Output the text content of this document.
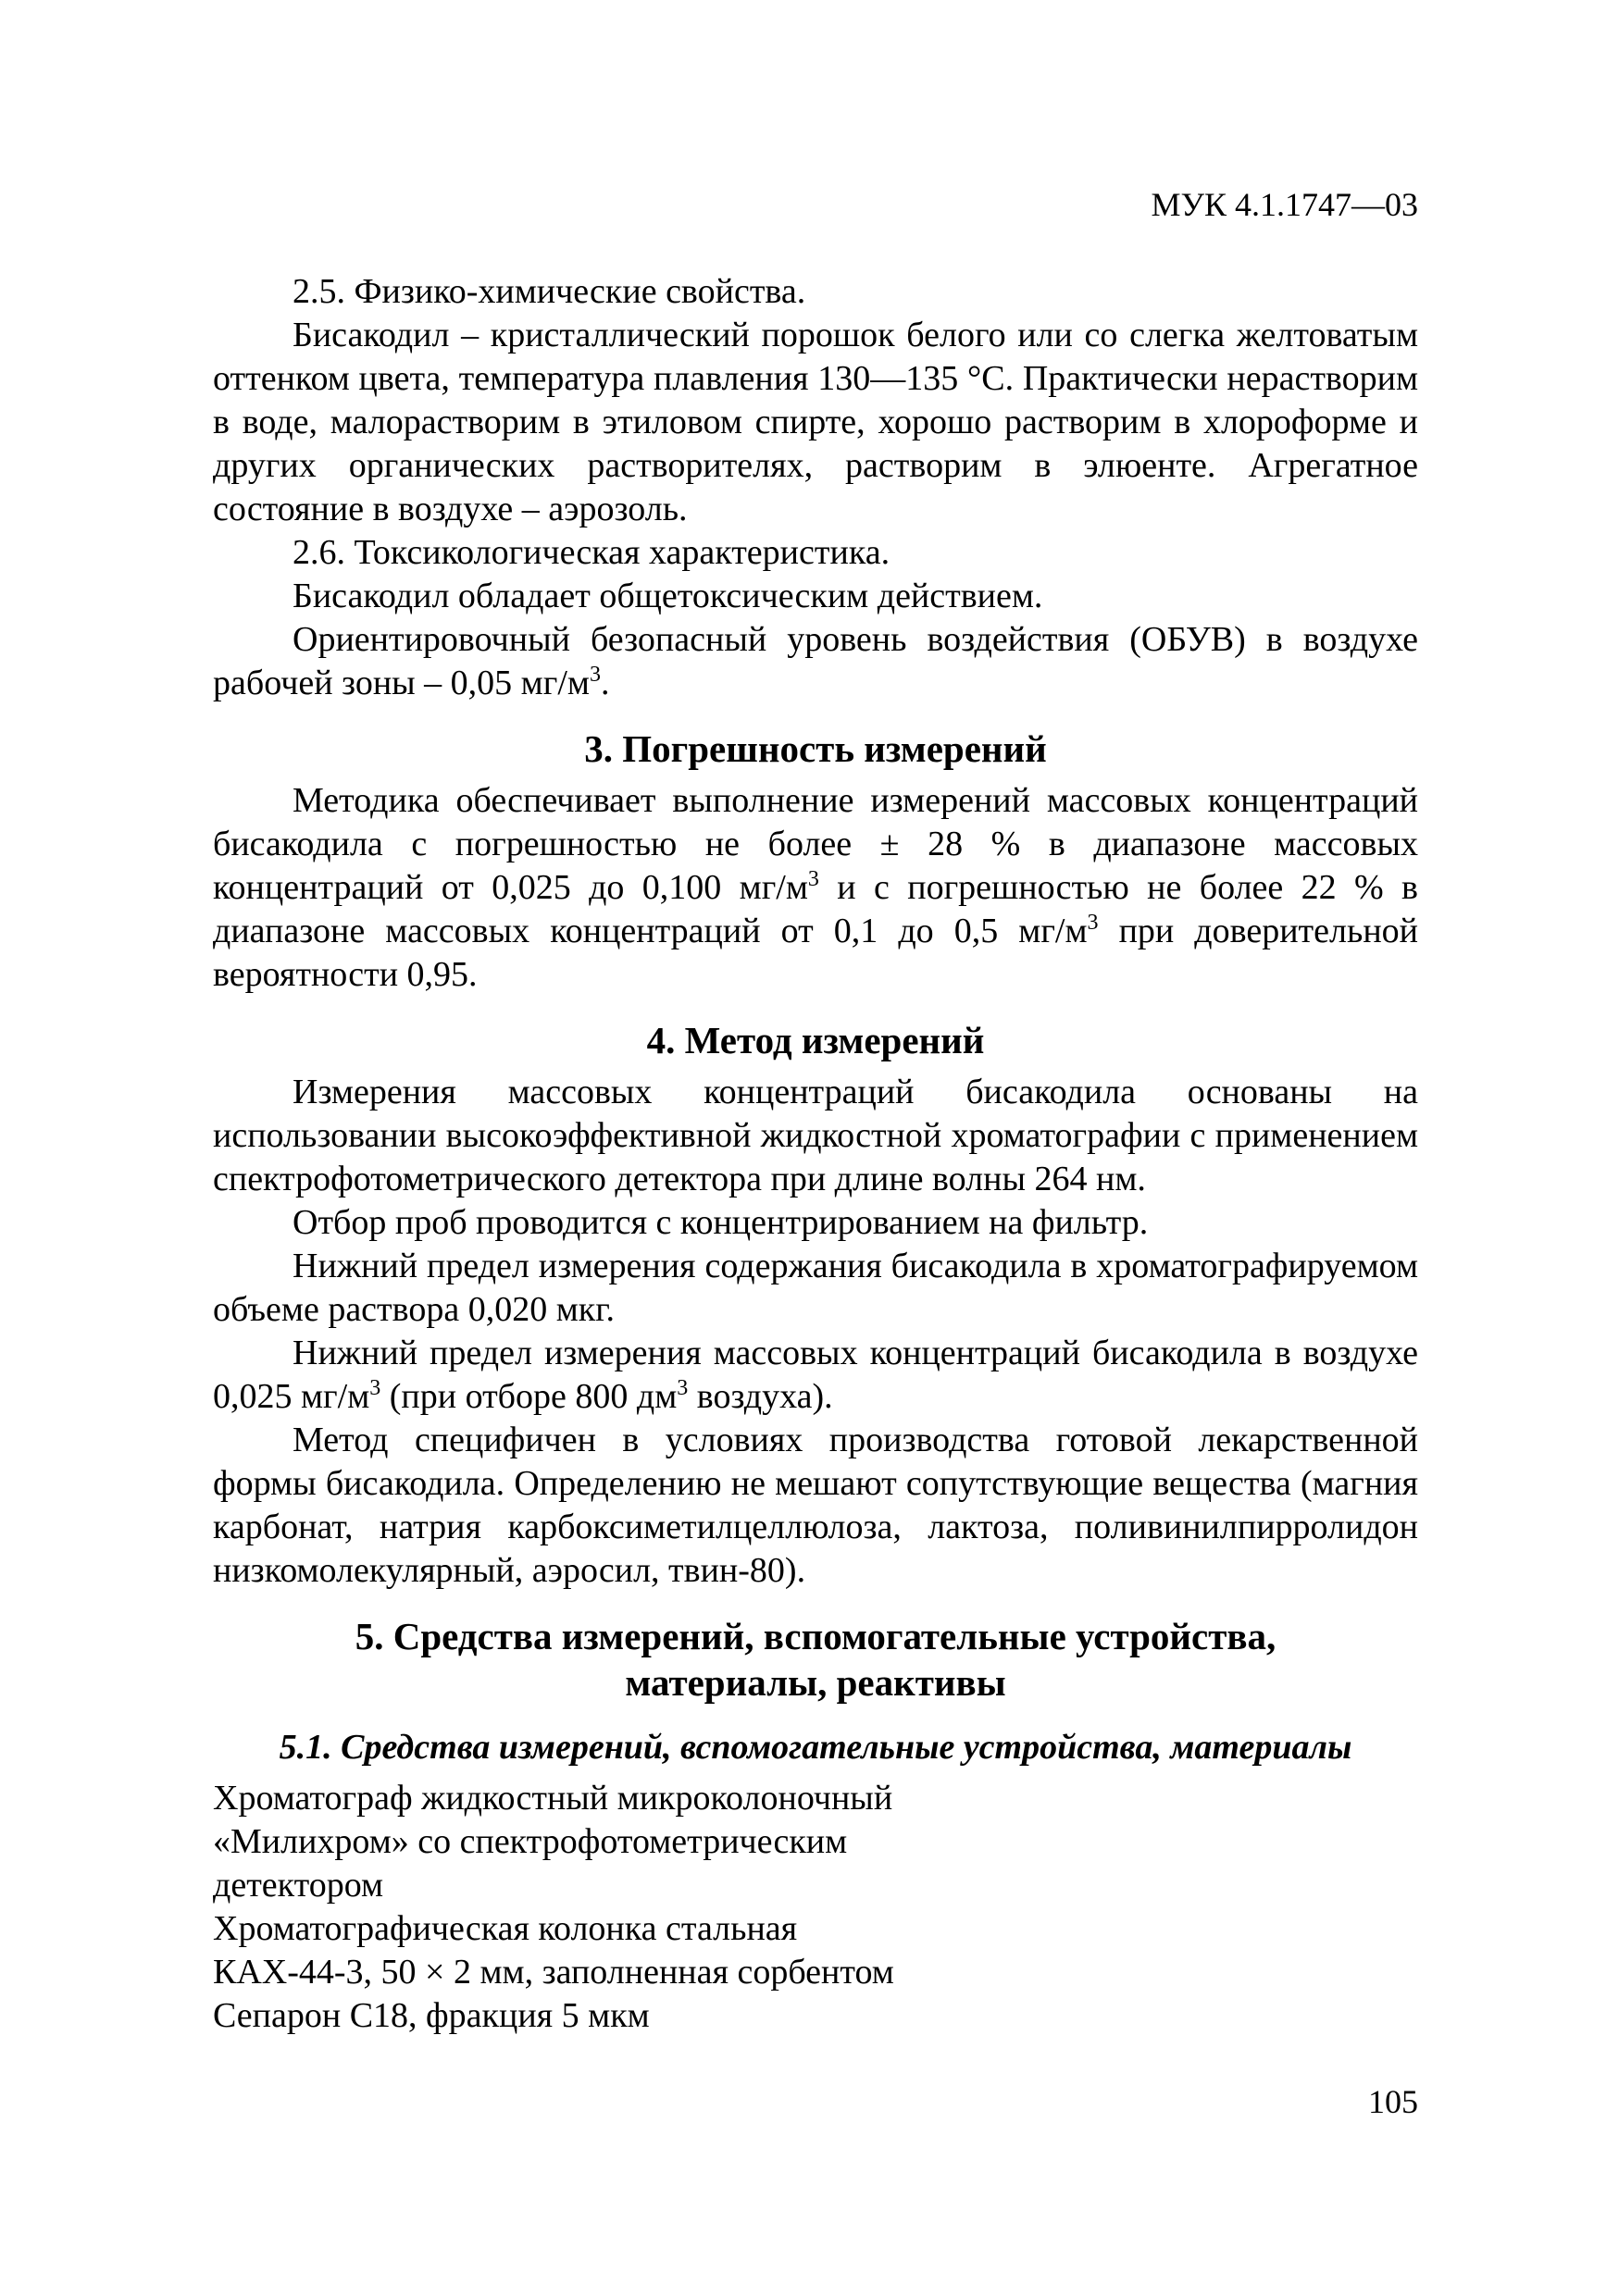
МУК 4.1.1747—03

2.5. Физико-химические свойства.

Бисакодил – кристаллический порошок белого или со слегка желтоватым оттенком цвета, температура плавления 130—135 °С. Практически нерастворим в воде, малорастворим в этиловом спирте, хорошо растворим в хлороформе и других органических растворителях, растворим в элюенте. Агрегатное состояние в воздухе – аэрозоль.

2.6. Токсикологическая характеристика.

Бисакодил обладает общетоксическим действием.

Ориентировочный безопасный уровень воздействия (ОБУВ) в воздухе рабочей зоны – 0,05 $мг/м^3$.

3. Погрешность измерений

Методика обеспечивает выполнение измерений массовых концентраций бисакодила с погрешностью не более ± 28 % в диапазоне массовых концентраций от 0,025 до 0,100 $мг/м^3$ и с погрешностью не более 22 % в диапазоне массовых концентраций от 0,1 до 0,5 $мг/м^3$ при доверительной вероятности 0,95.

4. Метод измерений

Измерения массовых концентраций бисакодила основаны на использовании высокоэффективной жидкостной хроматографии с применением спектрофотометрического детектора при длине волны 264 нм.

Отбор проб проводится с концентрированием на фильтр.

Нижний предел измерения содержания бисакодила в хроматографируемом объеме раствора 0,020 мкг.

Нижний предел измерения массовых концентраций бисакодила в воздухе 0,025 $мг/м^3$ (при отборе 800 $дм^3$ воздуха).

Метод специфичен в условиях производства готовой лекарственной формы бисакодила. Определению не мешают сопутствующие вещества (магния карбонат, натрия карбоксиметилцеллюлоза, лактоза, поливинилпирролидон низкомолекулярный, аэросил, твин-80).

5. Средства измерений, вспомогательные устройства,
материалы, реактивы
5.1. Средства измерений, вспомогательные устройства, материалы
Хроматограф жидкостный микроколоночный
«Милихром» со спектрофотометрическим
детектором
Хроматографическая колонка стальная
КАХ-44-3, 50 × 2 мм, заполненная сорбентом
Сепарон С18, фракция 5 мкм
105
